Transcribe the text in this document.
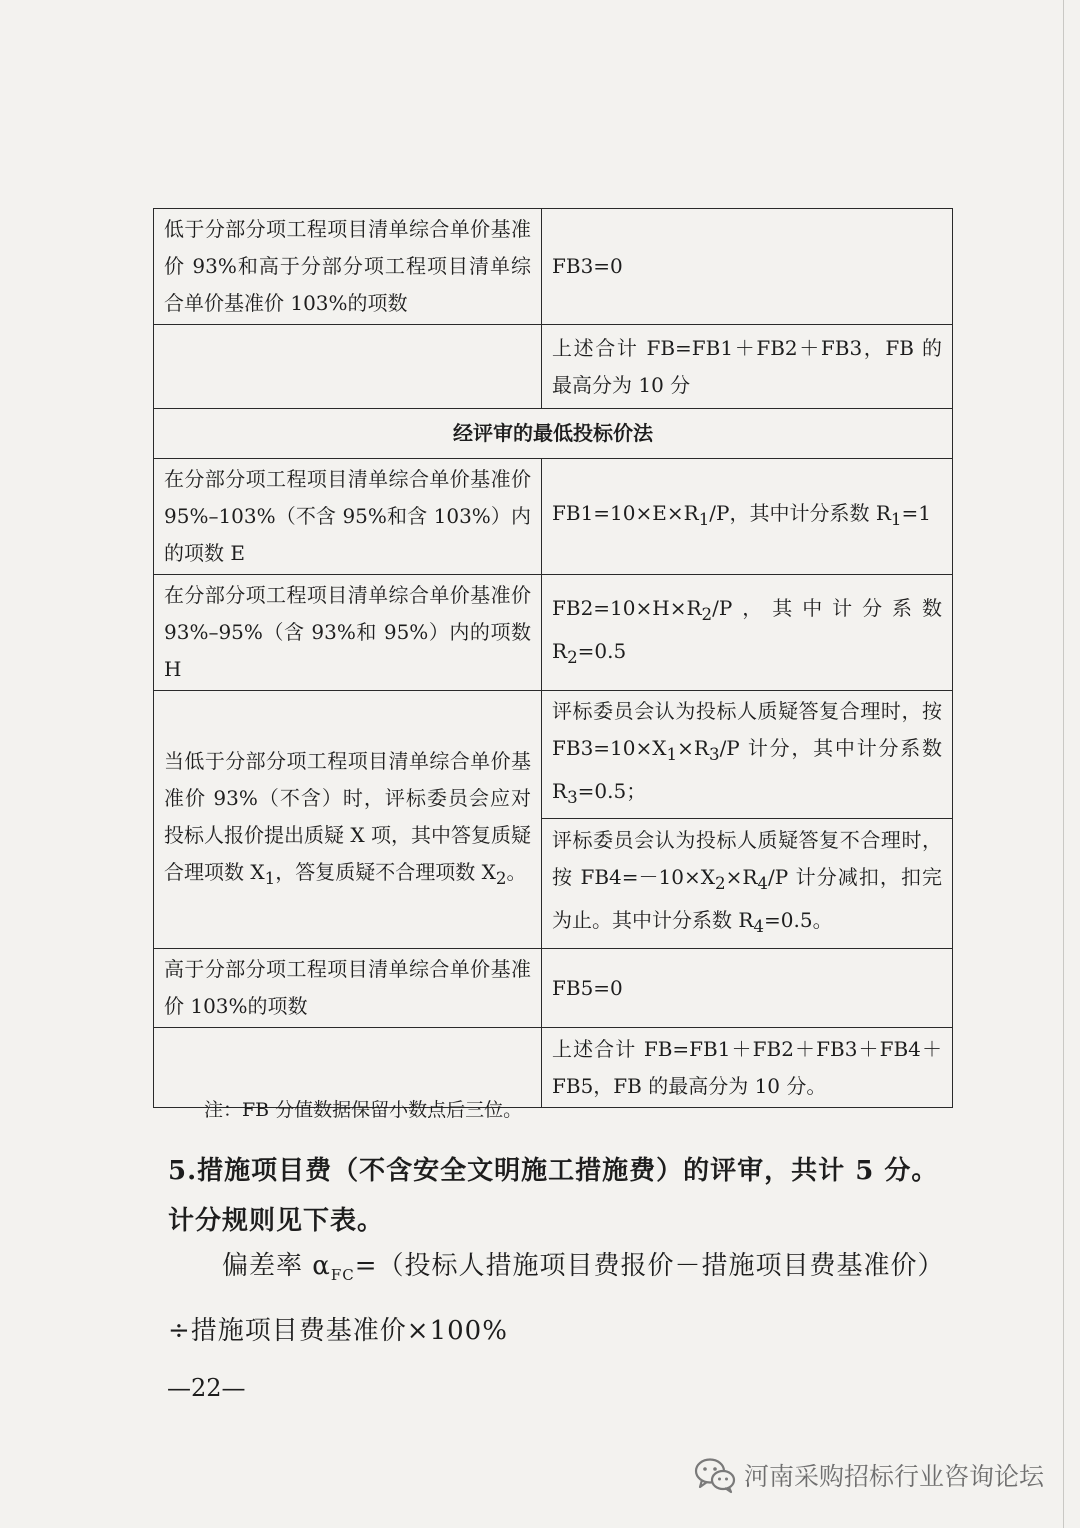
低于分部分项工程项目清单综合单价基准价 93%和高于分部分项工程项目清单综合单价基准价 103%的项数	FB3=0
	上述合计 FB=FB1＋FB2＋FB3，FB 的最高分为 10 分
经评审的最低投标价法	
在分部分项工程项目清单综合单价基准价 95%–103%（不含 95%和含 103%）内的项数 E	$FB1=10\times E\times R_1/P$，其中计分系数 $R_1=1$
在分部分项工程项目清单综合单价基准价 93%–95%（含 93%和 95%）内的项数 H	$FB2=10\times H\times R_2/P$，其中计分系数 $R_2=0.5$
当低于分部分项工程项目清单综合单价基准价 93%（不含）时，评标委员会应对投标人报价提出质疑 X 项，其中答复质疑合理项数 $X_1$，答复质疑不合理项数 $X_2$。	评标委员会认为投标人质疑答复合理时，按 $FB3=10\times X_1\times R_3/P$ 计分，其中计分系数 $R_3=0.5$；
	评标委员会认为投标人质疑答复不合理时，按 $FB4=-10\times X_2\times R_4/P$ 计分减扣，扣完为止。其中计分系数 $R_4=0.5$。
高于分部分项工程项目清单综合单价基准价 103%的项数	FB5=0
	上述合计 FB=FB1＋FB2＋FB3＋FB4＋FB5，FB 的最高分为 10 分。
注：FB 分值数据保留小数点后三位。
5.措施项目费（不含安全文明施工措施费）的评审，共计 5 分。计分规则见下表。
偏差率 $\alpha_{FC}=$（投标人措施项目费报价－措施项目费基准价）÷措施项目费基准价×100%
—22—
河南采购招标行业咨询论坛
